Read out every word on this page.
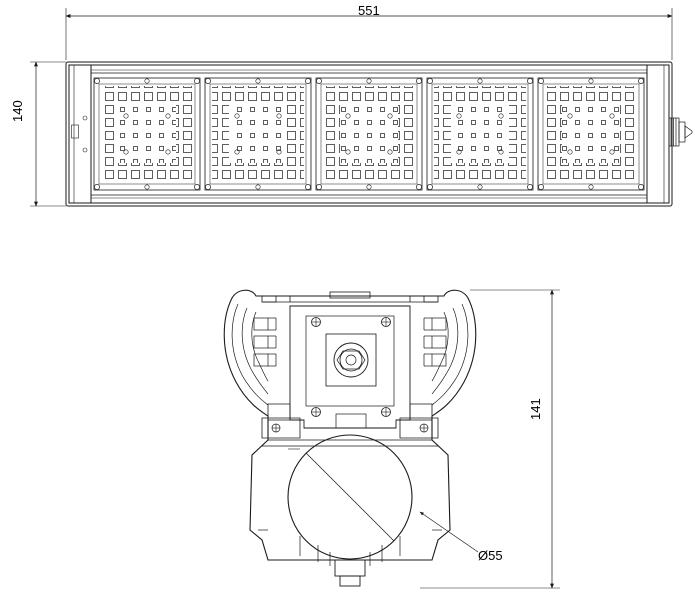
551
140
141
Ø55
